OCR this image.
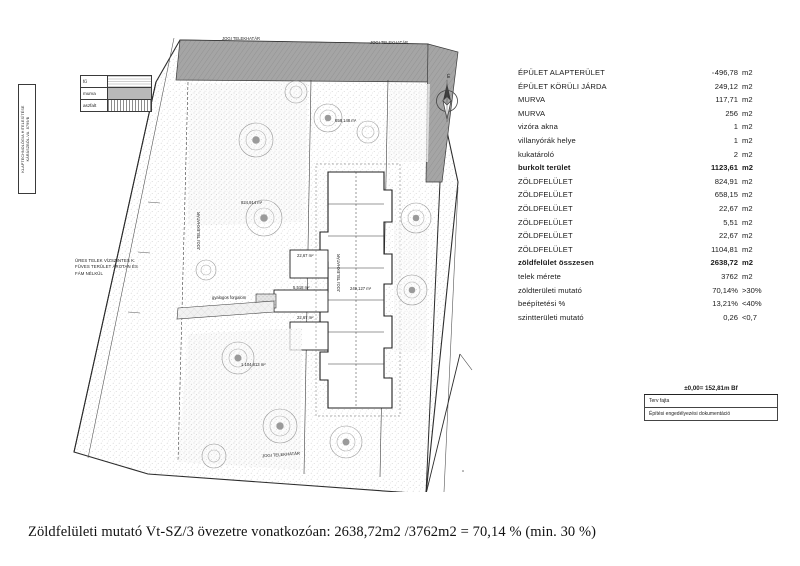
fű
murva
aszfalt
KLAPTECHNOLÓGIA HITELESÍTÉSE KÁRÁSZBÓL-VA. 8799/B
JOGI TELEKHATÁR
JOGI TELEKHATÁR
824,914 m²
1 104,813 m²
658,148 m²
249,127 m²
22,67 m²
22,67 m²
5,518 m²
gyalogos forgalom
JOGI TELEKHATÁR
JOGI TELEKHATÁR
JOGI TELEKHATÁR
ÜRES TELEK VÍZSZINTES K. FÜVES TERÜLET ÁROTAN ÉS FÁM NÉLKÜL
É	ÉPÜLET ALAPTERÜLET	496,78 m2
ÉPÜLET KÖRÜLI JÁRDA	249,12 m2
MURVA	117,71 m2
MURVA	256 m2
vizóra akna	1 m2
villanyórák helye	1 m2
kukatároló	2 m2
burkolt terület	1123,61 m2
ZÖLDFELÜLET	824,91 m2
ZÖLDFELÜLET	658,15 m2
ZÖLDFELÜLET	22,67 m2
ZÖLDFELÜLET	5,51 m2
ZÖLDFELÜLET	22,67 m2
ZÖLDFELÜLET	1104,81 m2
zöldfelület összesen	2638,72 m2
telek mérete	3762 m2
zöldterületi mutató	70,14% >30%
beépítetési %	13,21% <40%
szintterületi mutató	0,26 <0,7
±0,00= 152,81m Bf
Terv fajta
Építési engedélyezési dokumentáció
Zöldfelületi mutató Vt-SZ/3 övezetre vonatkozóan: 2638,72m2 /3762m2 = 70,14 % (min. 30 %)
